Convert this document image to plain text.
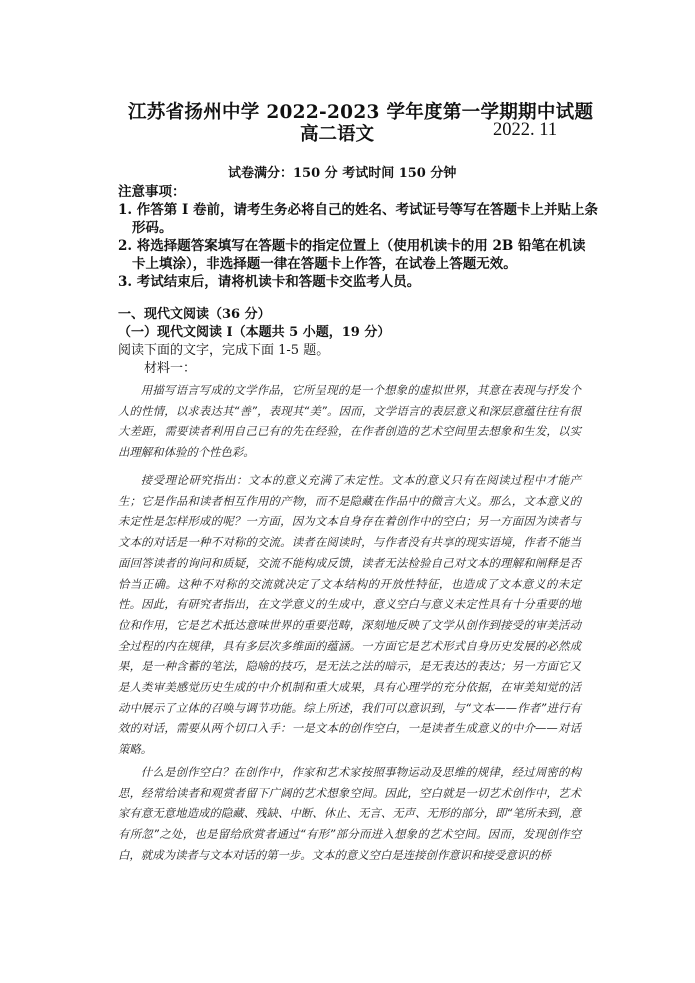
江苏省扬州中学 2022-2023 学年度第一学期期中试题
高二语文	2022. 11
试卷满分：150 分 考试时间 150 分钟
注意事项：
1. 作答第 I 卷前，请考生务必将自己的姓名、考试证号等写在答题卡上并贴上条形码。
2. 将选择题答案填写在答题卡的指定位置上（使用机读卡的用 2B 铅笔在机读卡上填涂），非选择题一律在答题卡上作答，在试卷上答题无效。
3. 考试结束后，请将机读卡和答题卡交监考人员。
一、现代文阅读（36 分）
（一）现代文阅读 I（本题共 5 小题，19 分）
阅读下面的文字，完成下面 1-5 题。
材料一：

用描写语言写成的文学作品，它所呈现的是一个想象的虚拟世界，其意在表现与抒发个人的性情，以求表达其“善”，表现其“美”。因而，文学语言的表层意义和深层意蕴往往有很大差距，需要读者利用自己已有的先在经验，在作者创造的艺术空间里去想象和生发，以实出理解和体验的个性色彩。

接受理论研究指出：文本的意义充满了未定性。文本的意义只有在阅读过程中才能产生；它是作品和读者相互作用的产物，而不是隐藏在作品中的微言大义。那么，文本意义的未定性是怎样形成的呢？一方面，因为文本自身存在着创作中的空白；另一方面因为读者与文本的对话是一种不对称的交流。读者在阅读时，与作者没有共享的现实语境，作者不能当面回答读者的询问和质疑，交流不能构成反馈，读者无法检验自己对文本的理解和阐释是否恰当正确。这种不对称的交流就决定了文本结构的开放性特征，也造成了文本意义的未定性。因此，有研究者指出，在文学意义的生成中，意义空白与意义未定性具有十分重要的地位和作用，它是艺术抵达意味世界的重要范畴，深刻地反映了文学从创作到接受的审美活动全过程的内在规律，具有多层次多维面的蕴涵。一方面它是艺术形式自身历史发展的必然成果，是一种含蓄的笔法，隐喻的技巧，是无法之法的暗示，是无表达的表达；另一方面它又是人类审美感觉历史生成的中介机制和重大成果，具有心理学的充分依据，在审美知觉的活动中展示了立体的召唤与调节功能。综上所述，我们可以意识到，与“文本——作者”进行有效的对话，需要从两个切口入手：一是文本的创作空白，一是读者生成意义的中介——对话策略。

什么是创作空白？在创作中，作家和艺术家按照事物运动及思维的规律，经过周密的构思，经常给读者和观赏者留下广阔的艺术想象空间。因此，空白就是一切艺术创作中，艺术家有意无意地造成的隐藏、残缺、中断、休止、无言、无声、无形的部分，即“笔所未到，意有所忽”之处，也是留给欣赏者通过“有形”部分而进入想象的艺术空间。因而，发现创作空白，就成为读者与文本对话的第一步。文本的意义空白是连接创作意识和接受意识的桥
